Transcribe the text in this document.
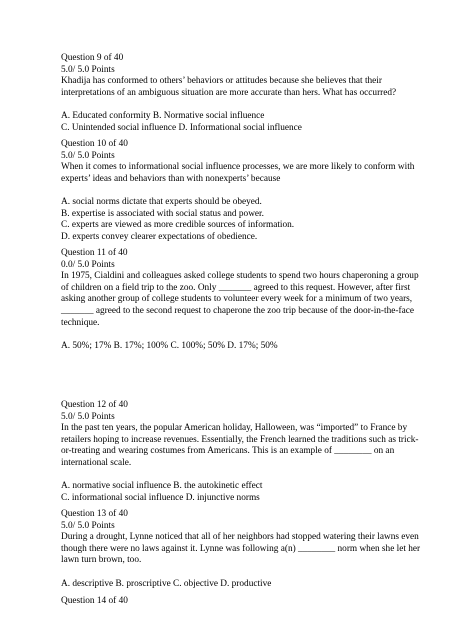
Question 9 of 40
5.0/ 5.0 Points
Khadija has conformed to others’ behaviors or attitudes because she believes that their
interpretations of an ambiguous situation are more accurate than hers. What has occurred?
A. Educated conformity B. Normative social influence
C. Unintended social influence D. Informational social influence
Question 10 of 40
5.0/ 5.0 Points
When it comes to informational social influence processes, we are more likely to conform with
experts’ ideas and behaviors than with nonexperts’ because
A. social norms dictate that experts should be obeyed.
B. expertise is associated with social status and power.
C. experts are viewed as more credible sources of information.
D. experts convey clearer expectations of obedience.
Question 11 of 40
0.0/ 5.0 Points
In 1975, Cialdini and colleagues asked college students to spend two hours chaperoning a group
of children on a field trip to the zoo. Only _______ agreed to this request. However, after first
asking another group of college students to volunteer every week for a minimum of two years,
_______ agreed to the second request to chaperone the zoo trip because of the door-in-the-face
technique.
A. 50%; 17% B. 17%; 100% C. 100%; 50% D. 17%; 50%
Question 12 of 40
5.0/ 5.0 Points
In the past ten years, the popular American holiday, Halloween, was “imported” to France by
retailers hoping to increase revenues. Essentially, the French learned the traditions such as trick-
or-treating and wearing costumes from Americans. This is an example of ________ on an
international scale.
A. normative social influence B. the autokinetic effect
C. informational social influence D. injunctive norms
Question 13 of 40
5.0/ 5.0 Points
During a drought, Lynne noticed that all of her neighbors had stopped watering their lawns even
though there were no laws against it. Lynne was following a(n) ________ norm when she let her
lawn turn brown, too.
A. descriptive B. proscriptive C. objective D. productive
Question 14 of 40
